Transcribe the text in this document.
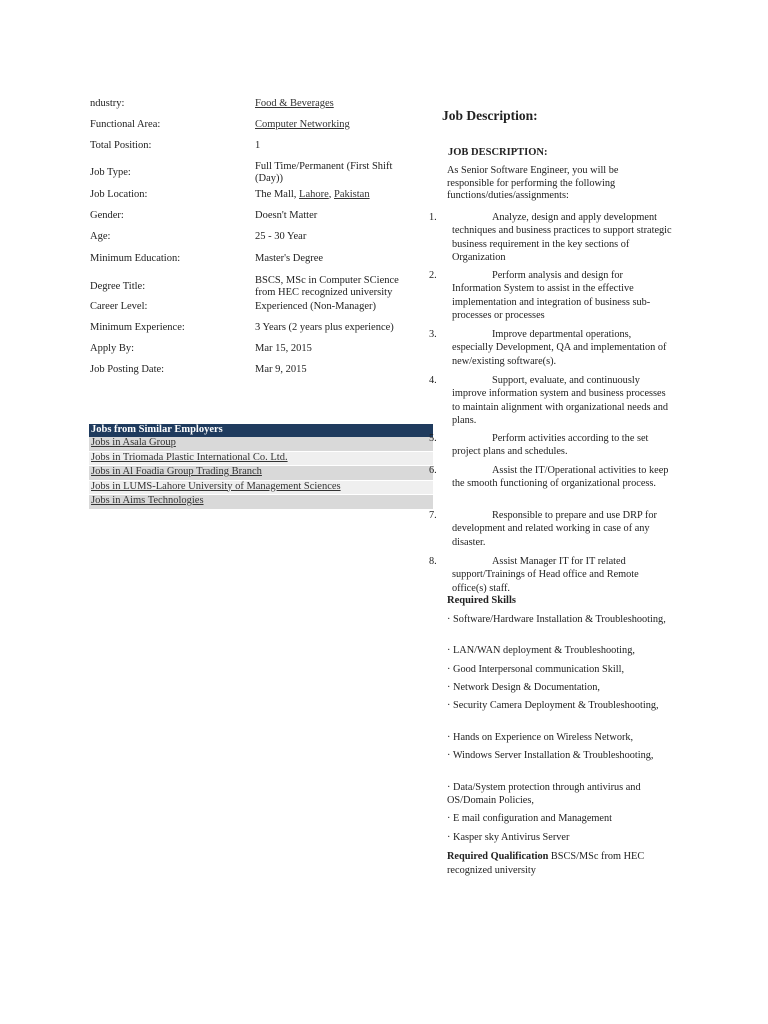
ndustry:	Food & Beverages
Functional Area:	Computer Networking
Total Position:	1
Job Type:
Full Time/Permanent (First Shift (Day))
Job Location:	The Mall, Lahore, Pakistan
Gender:	Doesn't Matter
Age:	25 - 30 Year
Minimum Education:	Master's Degree
Degree Title:
BSCS, MSc in Computer SCience from HEC recognized university
Career Level:	Experienced (Non-Manager)
Minimum Experience:	3 Years (2 years plus experience)
Apply By:	Mar 15, 2015
Job Posting Date:	Mar 9, 2015
Jobs from Similar Employers
Jobs in Asala Group
Jobs in Triomada Plastic International Co. Ltd.
Jobs in Al Foadia Group Trading Branch
Jobs in LUMS-Lahore University of Management Sciences
Jobs in Aims Technologies
Job Description:
JOB DESCRIPTION:
As Senior Software Engineer, you will be responsible for performing the following functions/duties/assignments:
1.	Analyze, design and apply development techniques and business practices to support strategic business requirement in the key sections of Organization
2.	Perform analysis and design for Information System to assist in the effective implementation and integration of business sub-processes or processes
3.	Improve departmental operations, especially Development, QA and implementation of new/existing software(s).
4.	Support, evaluate, and continuously improve information system and business processes to maintain alignment with organizational needs and plans.
5.	Perform activities according to the set project plans and schedules.
6.	Assist the IT/Operational activities to keep the smooth functioning of organizational process.
7.	Responsible to prepare and use DRP for development and related working in case of any disaster.
8.	Assist Manager IT for IT related support/Trainings of Head office and Remote office(s) staff.
Required Skills
· Software/Hardware Installation & Troubleshooting,
· LAN/WAN deployment & Troubleshooting,
· Good Interpersonal communication Skill,
· Network Design & Documentation,
· Security Camera Deployment & Troubleshooting,
· Hands on Experience on Wireless Network,
· Windows Server Installation & Troubleshooting,
· Data/System protection through antivirus and OS/Domain Policies,
· E mail configuration and Management
· Kasper sky Antivirus Server
Required Qualification BSCS/MSc from HEC recognized university
